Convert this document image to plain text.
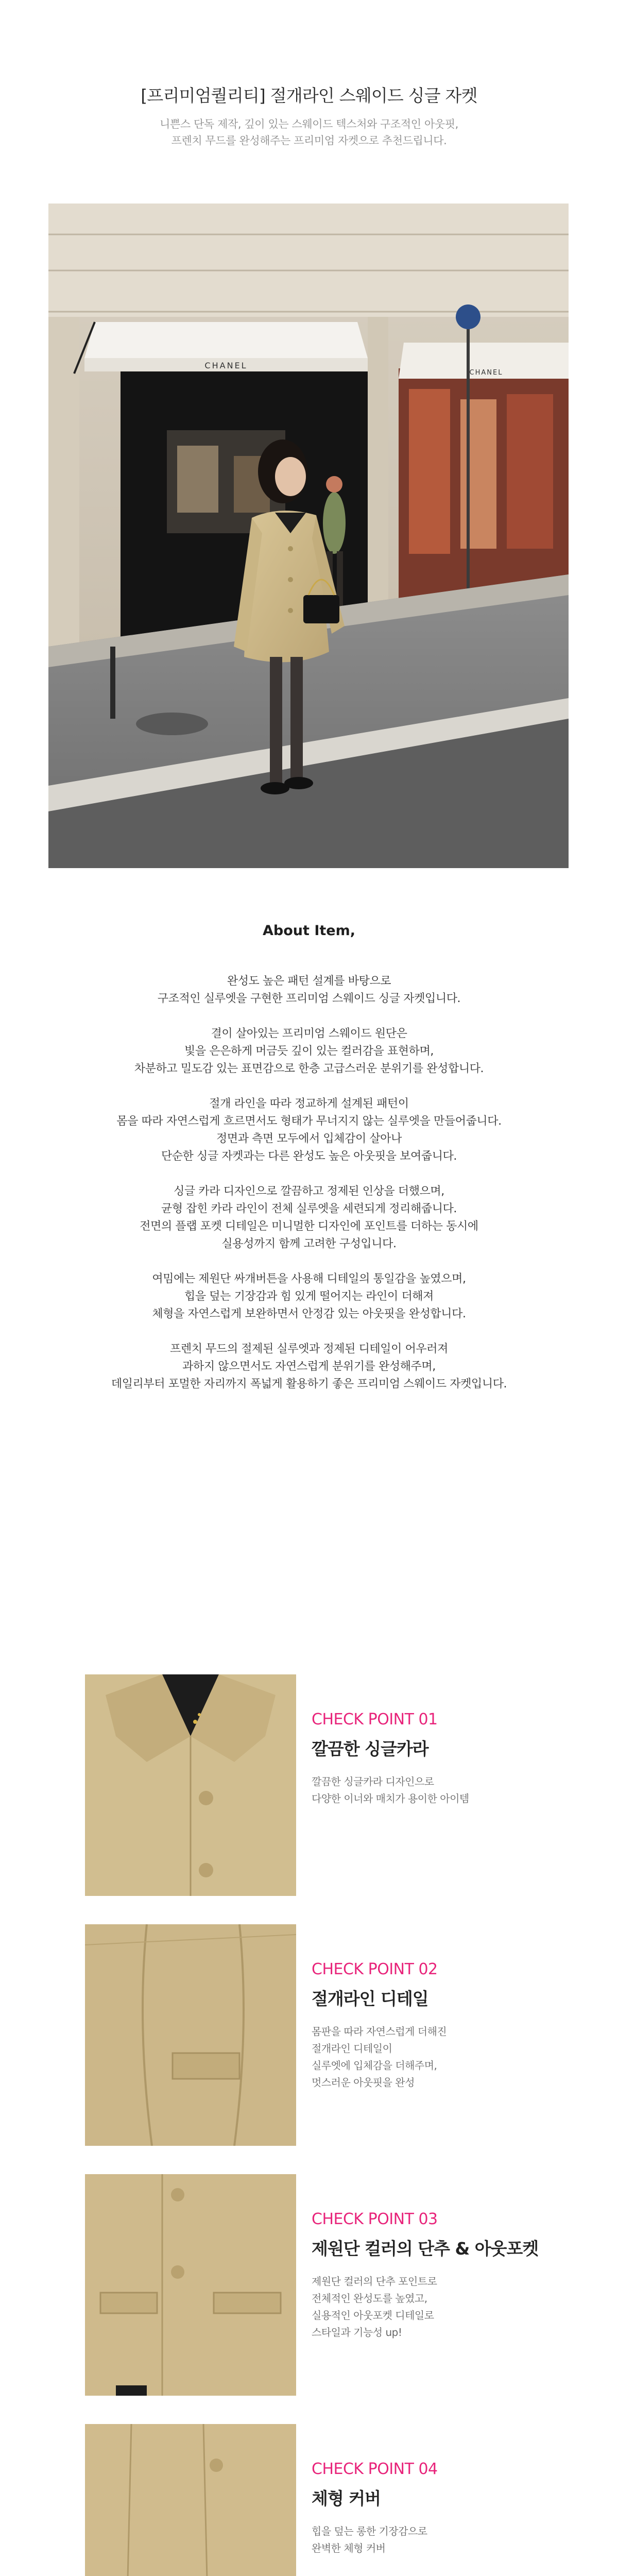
[프리미엄퀄리티] 절개라인 스웨이드 싱글 자켓
니쁜스 단독 제작, 깊이 있는 스웨이드 텍스처와 구조적인 아웃핏,
프렌치 무드를 완성해주는 프리미엄 자켓으로 추천드립니다.
CHANEL
CHANEL
About Item,
완성도 높은 패턴 설계를 바탕으로
구조적인 실루엣을 구현한 프리미엄 스웨이드 싱글 자켓입니다.
결이 살아있는 프리미엄 스웨이드 원단은
빛을 은은하게 머금듯 깊이 있는 컬러감을 표현하며,
차분하고 밀도감 있는 표면감으로 한층 고급스러운 분위기를 완성합니다.
절개 라인을 따라 정교하게 설계된 패턴이
몸을 따라 자연스럽게 흐르면서도 형태가 무너지지 않는 실루엣을 만들어줍니다.
정면과 측면 모두에서 입체감이 살아나
단순한 싱글 자켓과는 다른 완성도 높은 아웃핏을 보여줍니다.
싱글 카라 디자인으로 깔끔하고 정제된 인상을 더했으며,
균형 잡힌 카라 라인이 전체 실루엣을 세련되게 정리해줍니다.
전면의 플랩 포켓 디테일은 미니멀한 디자인에 포인트를 더하는 동시에
실용성까지 함께 고려한 구성입니다.
여밈에는 제원단 싸개버튼을 사용해 디테일의 통일감을 높였으며,
힙을 덮는 기장감과 힘 있게 떨어지는 라인이 더해져
체형을 자연스럽게 보완하면서 안정감 있는 아웃핏을 완성합니다.
프렌치 무드의 절제된 실루엣과 정제된 디테일이 어우러져
과하지 않으면서도 자연스럽게 분위기를 완성해주며,
데일리부터 포멀한 자리까지 폭넓게 활용하기 좋은 프리미엄 스웨이드 자켓입니다.
CHECK POINT 01
깔끔한 싱글카라
깔끔한 싱글카라 디자인으로
다양한 이너와 매치가 용이한 아이템
CHECK POINT 02
절개라인 디테일
몸판을 따라 자연스럽게 더해진
절개라인 디테일이
실루엣에 입체감을 더해주며,
멋스러운 아웃핏을 완성
CHECK POINT 03
제원단 컬러의 단추 & 아웃포켓
제원단 컬러의 단추 포인트로
전체적인 완성도를 높였고,
실용적인 아웃포켓 디테일로
스타일과 기능성 up!
CHECK POINT 04
체형 커버
힙을 덮는 롱한 기장감으로
완벽한 체형 커버
